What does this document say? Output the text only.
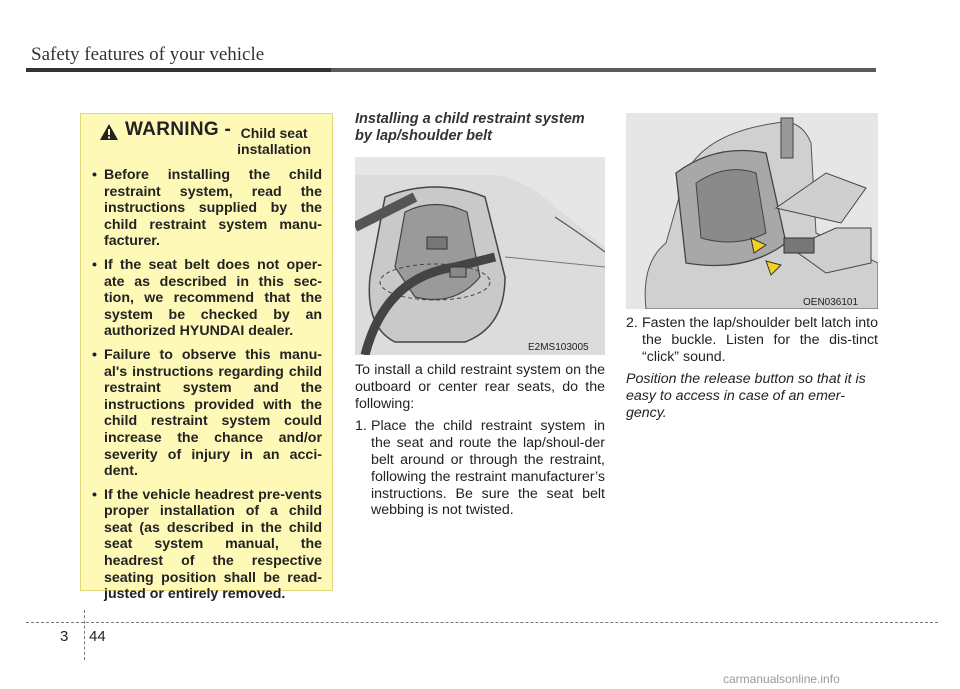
Safety features of your vehicle
WARNING - Child seat
installation
• Before installing the child restraint system, read the instructions supplied by the child restraint system manu-facturer.
• If the seat belt does not oper-ate as described in this sec-tion, we recommend that the system be checked by an authorized HYUNDAI dealer.
• Failure to observe this manu-al's instructions regarding child restraint system and the instructions provided with the child restraint system could increase the chance and/or severity of injury in an acci-dent.
• If the vehicle headrest pre-vents proper installation of a child seat (as described in the child seat system manual, the headrest of the respective seating position shall be read-justed or entirely removed.
Installing a child restraint system
by lap/shoulder belt
E2MS103005

To install a child restraint system on the outboard or center rear seats, do the following:

1. Place the child restraint system in the seat and route the lap/shoul-der belt around or through the restraint, following the restraint manufacturer’s instructions. Be sure the seat belt webbing is not twisted.
OEN036101
2. Fasten the lap/shoulder belt latch into the buckle. Listen for the dis-tinct “click” sound.
Position the release button so that it is easy to access in case of an emer-gency.
3 44
carmanualsonline.info
